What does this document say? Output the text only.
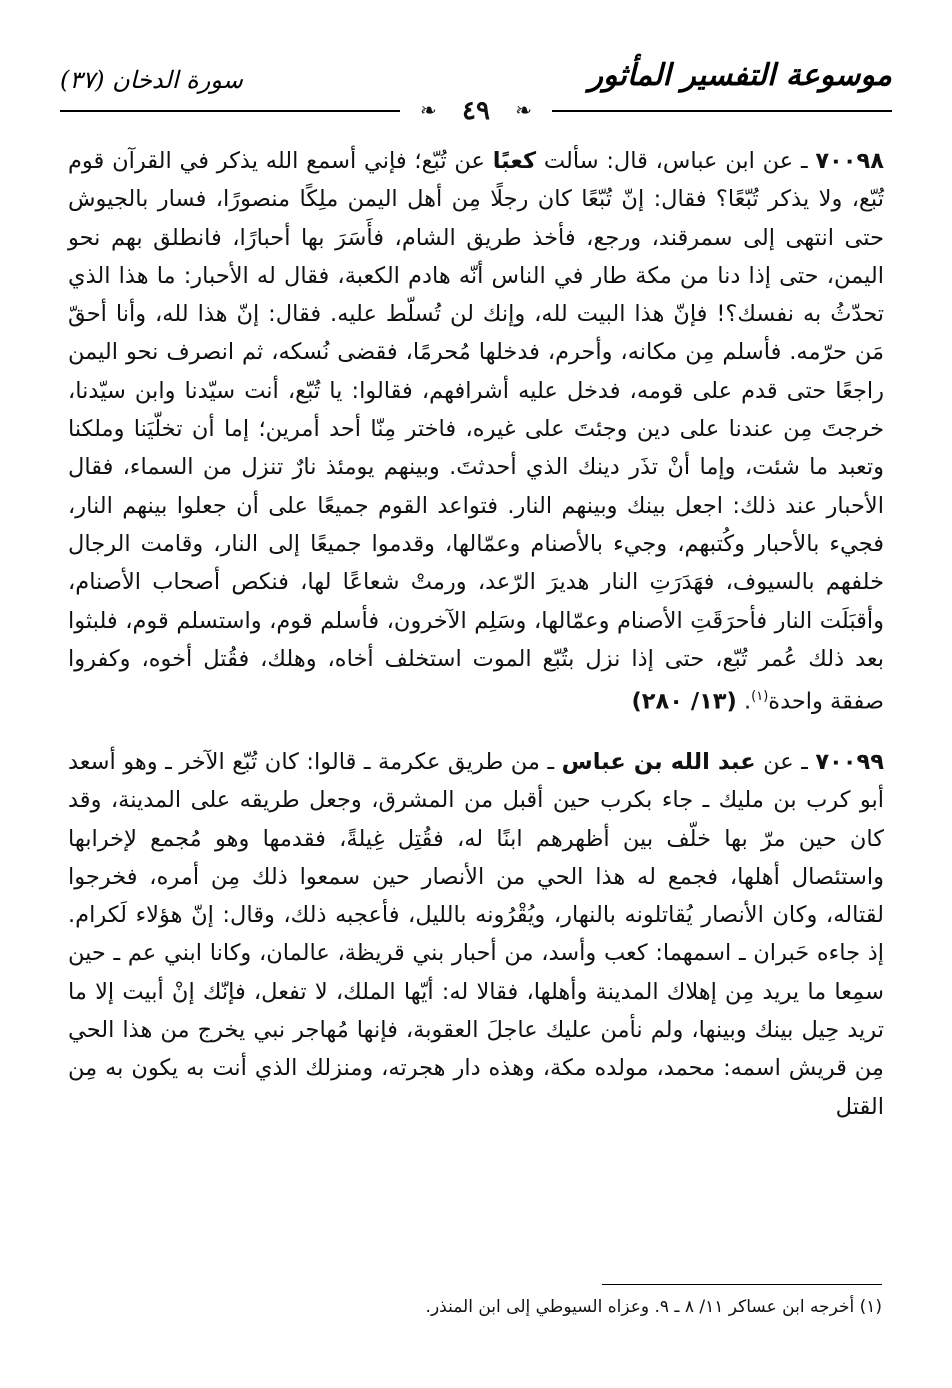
موسوعة التفسير المأثور
سورة الدخان (٣٧)
❧	❧
٤٩

٧٠٠٩٨ ـ عن ابن عباس، قال: سألت كعبًا عن تُبّع؛ فإني أسمع الله يذكر في القرآن قوم تُبّع، ولا يذكر تُبّعًا؟ فقال: إنّ تُبّعًا كان رجلًا مِن أهل اليمن ملِكًا منصورًا، فسار بالجيوش حتى انتهى إلى سمرقند، ورجع، فأخذ طريق الشام، فأَسَرَ بها أحبارًا، فانطلق بهم نحو اليمن، حتى إذا دنا من مكة طار في الناس أنّه هادم الكعبة، فقال له الأحبار: ما هذا الذي تحدّثُ به نفسك؟! فإنّ هذا البيت لله، وإنك لن تُسلّط عليه. فقال: إنّ هذا لله، وأنا أحقّ مَن حرّمه. فأسلم مِن مكانه، وأحرم، فدخلها مُحرمًا، فقضى نُسكه، ثم انصرف نحو اليمن راجعًا حتى قدم على قومه، فدخل عليه أشرافهم، فقالوا: يا تُبّع، أنت سيّدنا وابن سيّدنا، خرجتَ مِن عندنا على دين وجئتَ على غيره، فاختر مِنّا أحد أمرين؛ إما أن تخلّيَنا وملكنا وتعبد ما شئت، وإما أنْ تذَر دينك الذي أحدثتَ. وبينهم يومئذ نارٌ تنزل من السماء، فقال الأحبار عند ذلك: اجعل بينك وبينهم النار. فتواعد القوم جميعًا على أن جعلوا بينهم النار، فجيء بالأحبار وكُتبهم، وجيء بالأصنام وعمّالها، وقدموا جميعًا إلى النار، وقامت الرجال خلفهم بالسيوف، فهَدَرَتِ النار هديرَ الرّعد، ورمتْ شعاعًا لها، فنكص أصحاب الأصنام، وأقبَلَت النار فأحرَقَتِ الأصنام وعمّالها، وسَلِم الآخرون، فأسلم قوم، واستسلم قوم، فلبثوا بعد ذلك عُمر تُبّع، حتى إذا نزل بتُبّع الموت استخلف أخاه، وهلك، فقُتل أخوه، وكفروا صفقة واحدة$^{(١)}$. (١٣/ ٢٨٠)

٧٠٠٩٩ ـ عن عبد الله بن عباس ـ من طريق عكرمة ـ قالوا: كان تُبّع الآخر ـ وهو أسعد أبو كرب بن مليك ـ جاء بكرب حين أقبل من المشرق، وجعل طريقه على المدينة، وقد كان حين مرّ بها خلّف بين أظهرهم ابنًا له، فقُتِل غِيلةً، فقدمها وهو مُجمع لإخرابها واستئصال أهلها، فجمع له هذا الحي من الأنصار حين سمعوا ذلك مِن أمره، فخرجوا لقتاله، وكان الأنصار يُقاتلونه بالنهار، ويُقْرُونه بالليل، فأعجبه ذلك، وقال: إنّ هؤلاء لَكرام. إذ جاءه حَبران ـ اسمهما: كعب وأسد، من أحبار بني قريظة، عالمان، وكانا ابني عم ـ حين سمِعا ما يريد مِن إهلاك المدينة وأهلها، فقالا له: أيّها الملك، لا تفعل، فإنّك إنْ أبيت إلا ما تريد حِيل بينك وبينها، ولم نأمن عليك عاجلَ العقوبة، فإنها مُهاجر نبي يخرج من هذا الحي مِن قريش اسمه: محمد، مولده مكة، وهذه دار هجرته، ومنزلك الذي أنت به يكون به مِن القتل

(١) أخرجه ابن عساكر ١١/ ٨ ـ ٩. وعزاه السيوطي إلى ابن المنذر.
